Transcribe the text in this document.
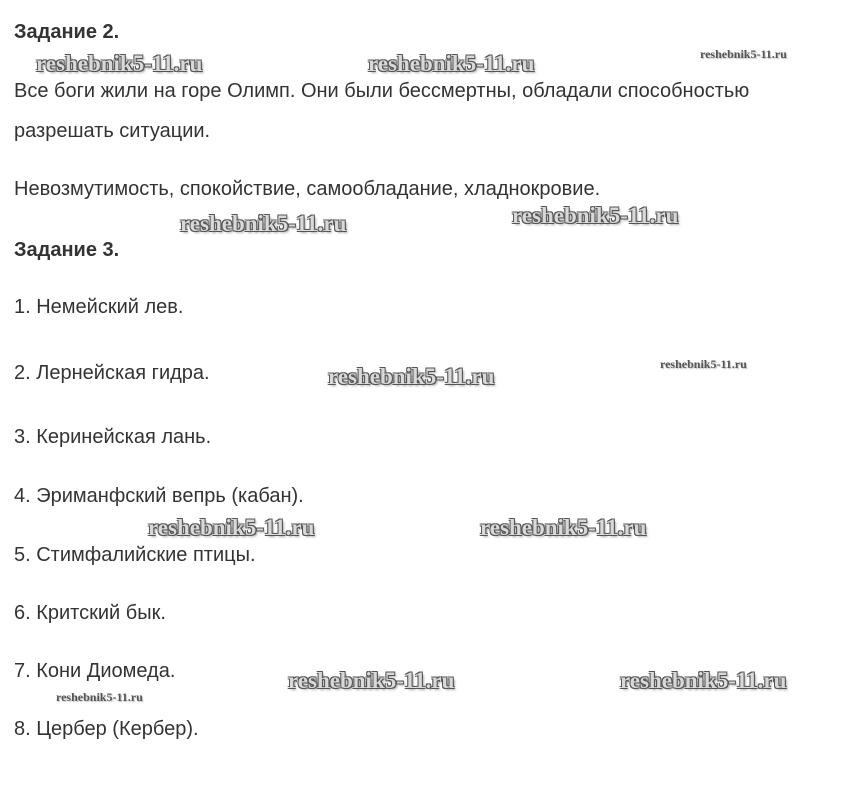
Задание 2.
reshebnik5-11.ru	reshebnik5-11.ru	reshebnik5-11.ru
Все боги жили на горе Олимп. Они были бессмертны, обладали способностью
разрешать ситуации.
Невозмутимость, спокойствие, самообладание, хладнокровие.
reshebnik5-11.ru	reshebnik5-11.ru
Задание 3.
1. Немейский лев.
2. Лернейская гидра.	reshebnik5-11.ru	reshebnik5-11.ru
3. Керинейская лань.
4. Эриманфский вепрь (кабан).
reshebnik5-11.ru	reshebnik5-11.ru
5. Стимфалийские птицы.
6. Критский бык.
7. Кони Диомеда.	reshebnik5-11.ru	reshebnik5-11.ru
reshebnik5-11.ru
8. Цербер (Кербер).
